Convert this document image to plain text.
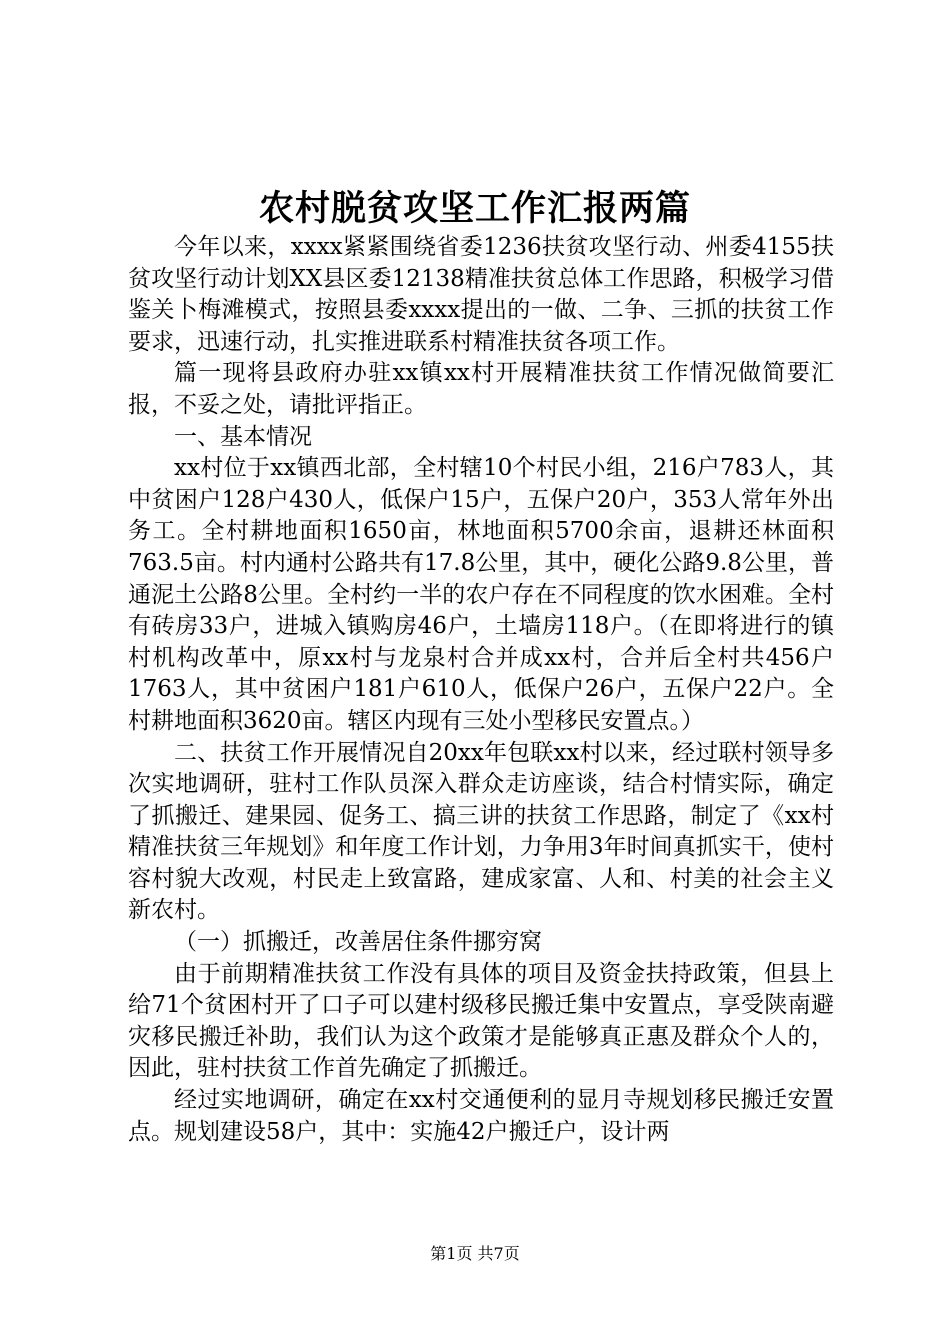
农村脱贫攻坚工作汇报两篇

今年以来，xxxx紧紧围绕省委1236扶贫攻坚行动、州委4155扶贫攻坚行动计划XX县区委12138精准扶贫总体工作思路，积极学习借鉴关卜梅滩模式，按照县委xxxx提出的一做、二争、三抓的扶贫工作要求，迅速行动，扎实推进联系村精准扶贫各项工作。

篇一现将县政府办驻xx镇xx村开展精准扶贫工作情况做简要汇报，不妥之处，请批评指正。

一、基本情况

xx村位于xx镇西北部，全村辖10个村民小组，216户783人，其中贫困户128户430人，低保户15户，五保户20户，353人常年外出务工。全村耕地面积1650亩，林地面积5700余亩，退耕还林面积763.5亩。村内通村公路共有17.8公里，其中，硬化公路9.8公里，普通泥土公路8公里。全村约一半的农户存在不同程度的饮水困难。全村有砖房33户，进城入镇购房46户，土墙房118户。（在即将进行的镇村机构改革中，原xx村与龙泉村合并成xx村，合并后全村共456户1763人，其中贫困户181户610人，低保户26户，五保户22户。全村耕地面积3620亩。辖区内现有三处小型移民安置点。）

二、扶贫工作开展情况自20xx年包联xx村以来，经过联村领导多次实地调研，驻村工作队员深入群众走访座谈，结合村情实际，确定了抓搬迁、建果园、促务工、搞三讲的扶贫工作思路，制定了《xx村精准扶贫三年规划》和年度工作计划，力争用3年时间真抓实干，使村容村貌大改观，村民走上致富路，建成家富、人和、村美的社会主义新农村。

（一）抓搬迁，改善居住条件挪穷窝

由于前期精准扶贫工作没有具体的项目及资金扶持政策，但县上给71个贫困村开了口子可以建村级移民搬迁集中安置点，享受陕南避灾移民搬迁补助，我们认为这个政策才是能够真正惠及群众个人的，因此，驻村扶贫工作首先确定了抓搬迁。

经过实地调研，确定在xx村交通便利的显月寺规划移民搬迁安置点。规划建设58户，其中：实施42户搬迁户，设计两

第1页 共7页
